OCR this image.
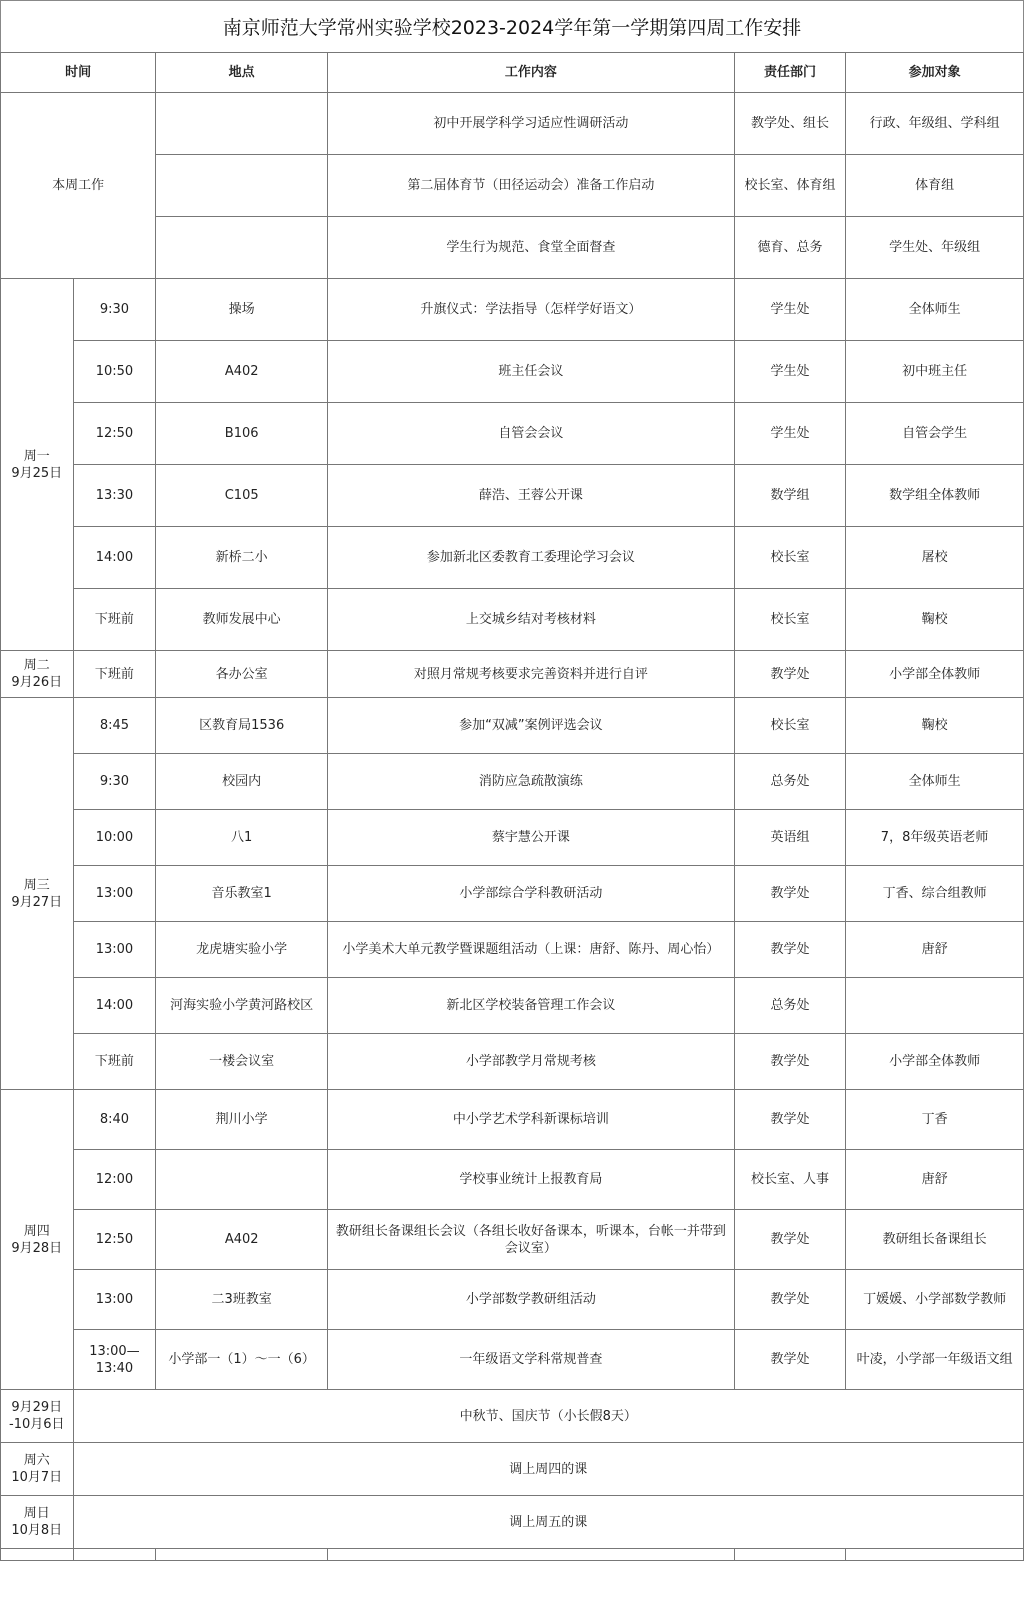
南京师范大学常州实验学校2023-2024学年第一学期第四周工作安排
时间		地点	工作内容	责任部门	参加对象
本周工作			初中开展学科学习适应性调研活动	教学处、组长	行政、年级组、学科组
			第二届体育节（田径运动会）准备工作启动	校长室、体育组	体育组
			学生行为规范、食堂全面督查	德育、总务	学生处、年级组

周一
9月25日	9:30	操场	升旗仪式：学法指导（怎样学好语文）	学生处	全体师生
	10:50	A402	班主任会议	学生处	初中班主任
	12:50	B106	自管会会议	学生处	自管会学生
	13:30	C105	薛浩、王蓉公开课	数学组	数学组全体教师
	14:00	新桥二小	参加新北区委教育工委理论学习会议	校长室	屠校
	下班前	教师发展中心	上交城乡结对考核材料	校长室	鞠校

周二
9月26日	下班前	各办公室	对照月常规考核要求完善资料并进行自评	教学处	小学部全体教师

周三
9月27日	8:45	区教育局1536	参加“双减”案例评选会议	校长室	鞠校
	9:30	校园内	消防应急疏散演练	总务处	全体师生
	10:00	八1	蔡宇慧公开课	英语组	7，8年级英语老师
	13:00	音乐教室1	小学部综合学科教研活动	教学处	丁香、综合组教师
	13:00	龙虎塘实验小学	小学美术大单元教学暨课题组活动（上课：唐舒、陈丹、周心怡）	教学处	唐舒
	14:00	河海实验小学黄河路校区	新北区学校装备管理工作会议	总务处	
	下班前	一楼会议室	小学部教学月常规考核	教学处	小学部全体教师

周四
9月28日	8:40	荆川小学	中小学艺术学科新课标培训	教学处	丁香
	12:00		学校事业统计上报教育局	校长室、人事	唐舒
	12:50	A402	教研组长备课组长会议（各组长收好备课本，听课本，台帐一并带到会议室）	教学处	教研组长备课组长
	13:00	二3班教室	小学部数学教研组活动	教学处	丁媛媛、小学部数学教师
	13:00—13:40	小学部一（1）～一（6）	一年级语文学科常规普查	教学处	叶凌，小学部一年级语文组

9月29日
-10月6日	中秋节、国庆节（小长假8天）				

周六
10月7日	调上周四的课				

周日
10月8日	调上周五的课				
